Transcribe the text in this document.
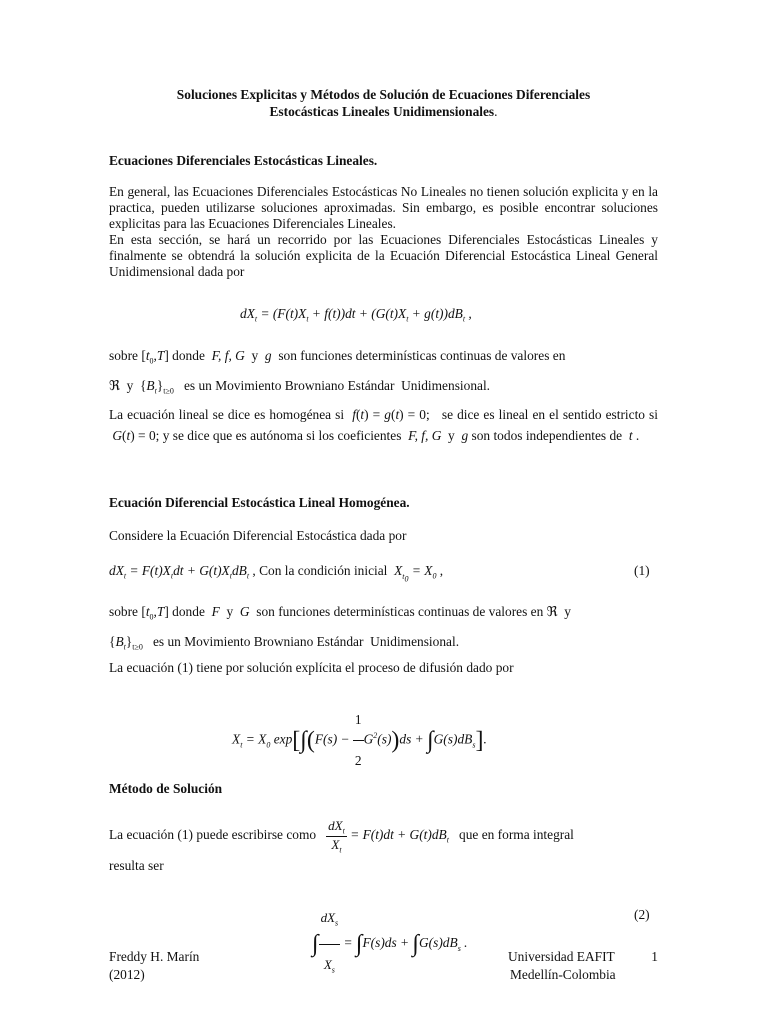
Soluciones Explicitas y Métodos de Solución de Ecuaciones Diferenciales
Estocásticas Lineales Unidimensionales.
Ecuaciones Diferenciales Estocásticas Lineales.

En general, las Ecuaciones Diferenciales Estocásticas No Lineales no tienen solución explicita y en la practica, pueden utilizarse soluciones aproximadas. Sin embargo, es posible encontrar soluciones explicitas para las Ecuaciones Diferenciales Lineales.

En esta sección, se hará un recorrido por las Ecuaciones Diferenciales Estocásticas Lineales y finalmente se obtendrá la solución explicita de la Ecuación Diferencial Estocástica Lineal General Unidimensional dada por

$dX_t = (F(t)X_t + f(t))dt + (G(t)X_t + g(t))dB_t$ ,
sobre $[t_0,T]$ donde  F, f, G  y  g  son funciones determinísticas continuas de valores en
ℜ  y  $\{B_t\}_{t\ge 0}$   es un Movimiento Browniano Estándar  Unidimensional.
La ecuación lineal se dice es homogénea si  f(t) = g(t) = 0;   se dice es lineal en el sentido estricto si  G(t) = 0; y se dice que es autónoma si los coeficientes  F, f, G  y  g son todos independientes de  t .
Ecuación Diferencial Estocástica Lineal Homogénea.
Considere la Ecuación Diferencial Estocástica dada por
$dX_t = F(t)X_tdt + G(t)X_tdB_t$ , Con la condición inicial  $X_{t_0} = X_0$ ,	(1)
sobre $[t_0,T]$ donde  F  y  G  son funciones determinísticas continuas de valores en ℜ  y
$\{B_t\}_{t\ge 0}$   es un Movimiento Browniano Estándar  Unidimensional.
La ecuación (1) tiene por solución explícita el proceso de difusión dado por
$X_t = X_0$ $\exp[\int(F(s) - \frac{1}{2} G^2(s))ds + \int G(s)dB_s]$.
Método de Solución
La ecuación (1) puede escribirse como $\frac{dX_t}{X_t} = F(t)dt + G(t)dB_t$ que en forma integral
resulta ser
∫ $\frac{dX_s}{X_s} = \int F(s)ds + \int G(s)dB_s$ .
(2)
Freddy H. Marín
(2012)
Universidad EAFIT	1
Medellín-Colombia
